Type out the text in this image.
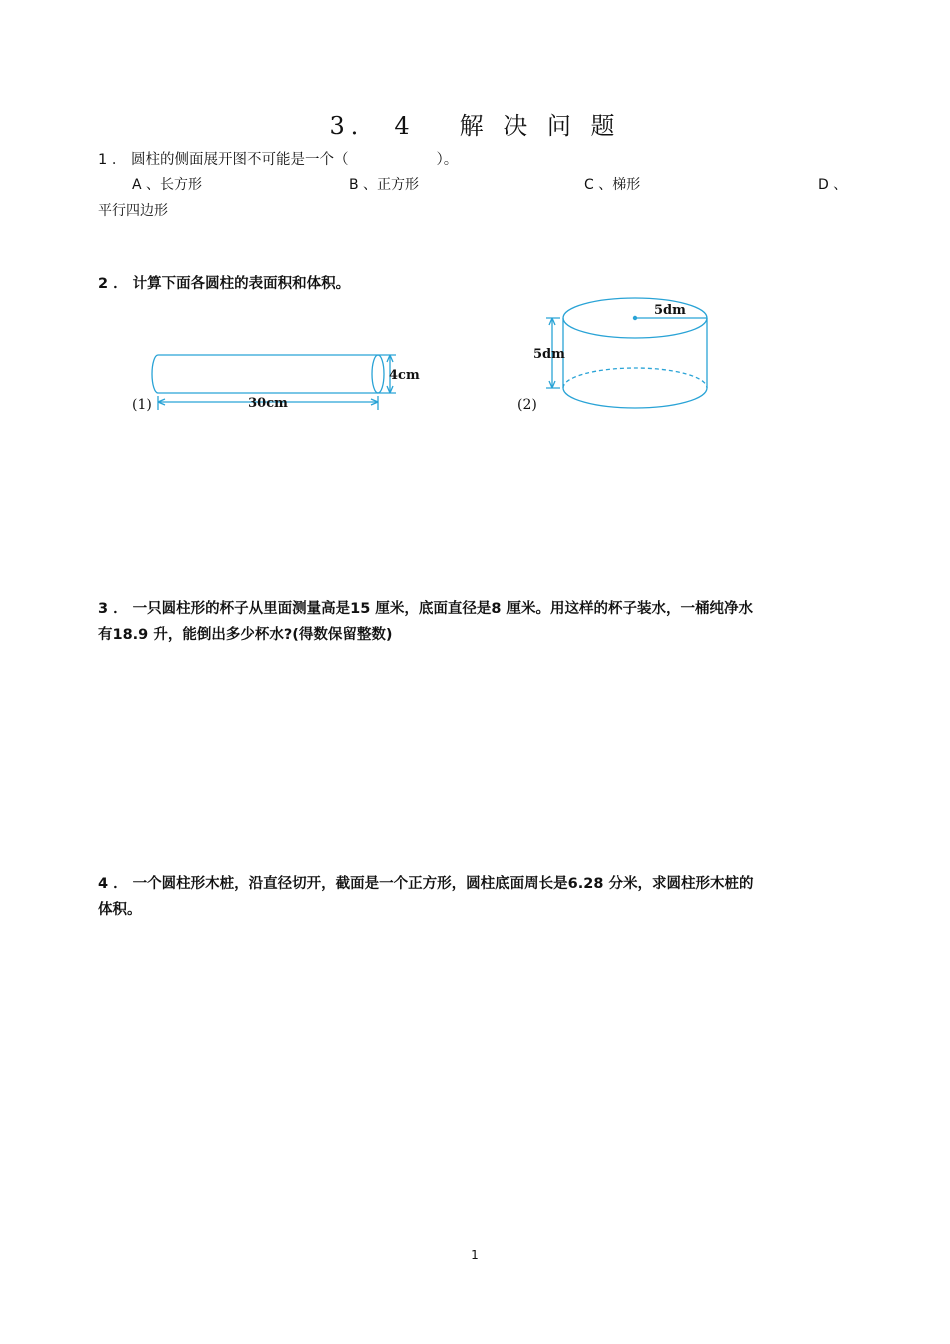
3． 4 解 决 问 题
1 ． 圆柱的侧面展开图不可能是一个（	）。
A 、长方形	B 、正方形	C 、梯形	D 、
平行四边形
2 ． 计算下面各圆柱的表面积和体积。
30cm
4cm
(1)
5dm
5dm
(2)
3 ． 一只圆柱形的杯子从里面测量高是15 厘米，底面直径是8 厘米。用这样的杯子装水，一桶纯净水
有18.9 升，能倒出多少杯水?(得数保留整数)
4 ． 一个圆柱形木桩，沿直径切开，截面是一个正方形，圆柱底面周长是6.28 分米，求圆柱形木桩的
体积。
1
